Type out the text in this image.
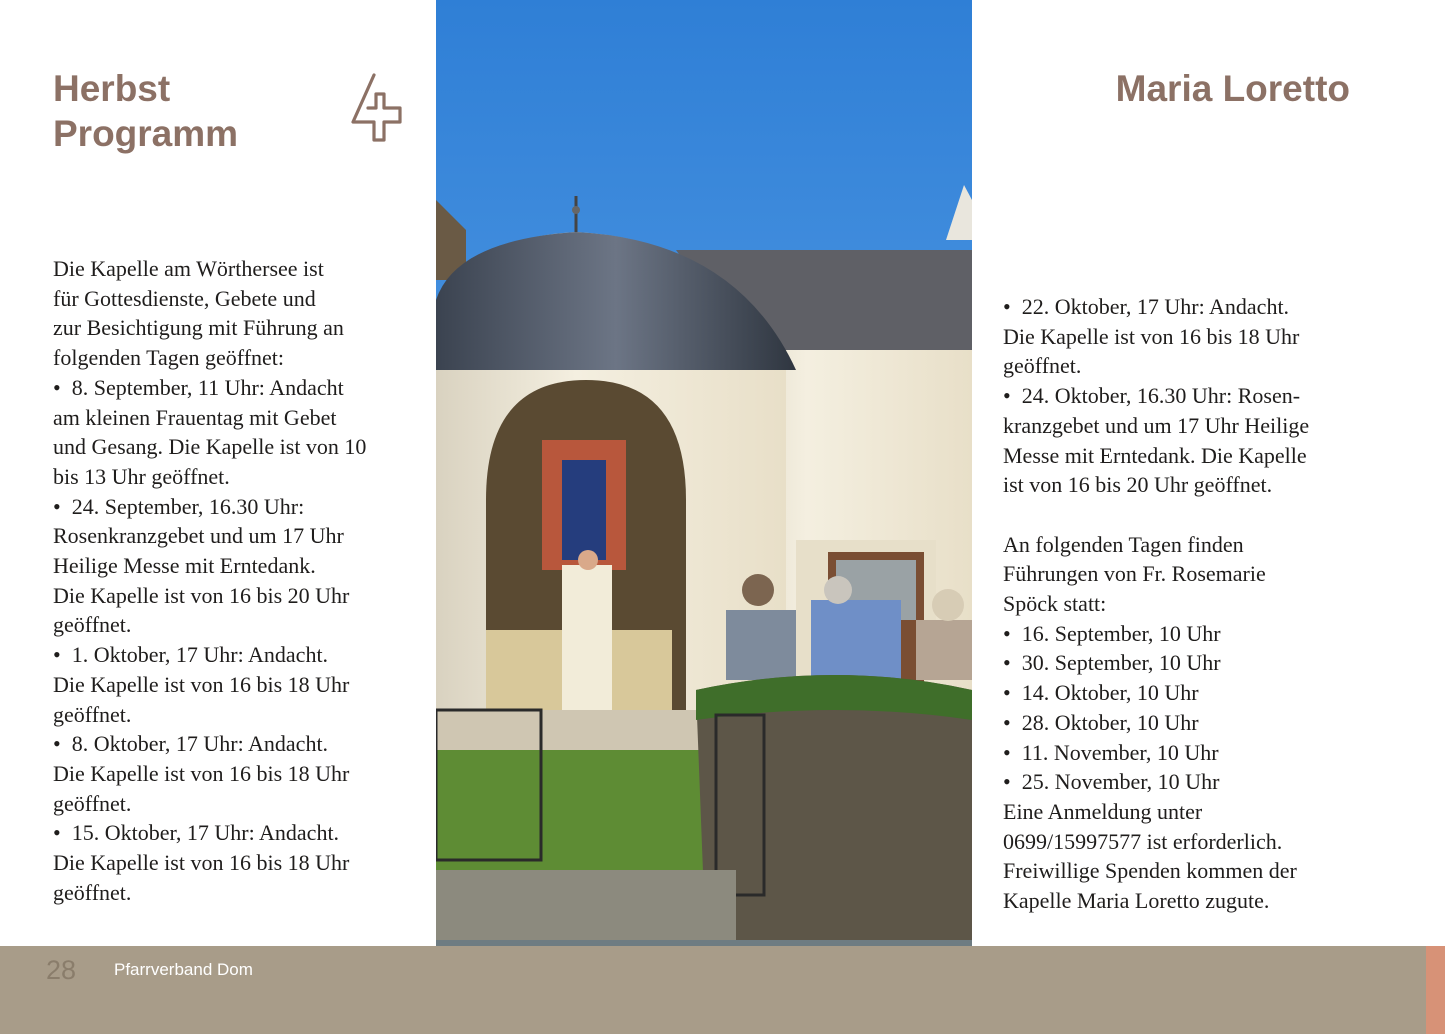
Herbst
Programm
Maria Loretto

Die Kapelle am Wörthersee ist

für Gottesdienste, Gebete und

zur Besichtigung mit Führung an

folgenden Tagen geöffnet:

•  8. September, 11 Uhr: Andacht

am kleinen Frauentag mit Gebet

und Gesang. Die Kapelle ist von 10

bis 13 Uhr geöffnet.

•  24. September, 16.30 Uhr:

Rosenkranzgebet und um 17 Uhr

Heilige Messe mit Erntedank.

Die Kapelle ist von 16 bis 20 Uhr

geöffnet.

•  1. Oktober, 17 Uhr: Andacht.

Die Kapelle ist von 16 bis 18 Uhr

geöffnet.

•  8. Oktober, 17 Uhr: Andacht.

Die Kapelle ist von 16 bis 18 Uhr

geöffnet.

•  15. Oktober, 17 Uhr: Andacht.

Die Kapelle ist von 16 bis 18 Uhr

geöffnet.

•  22. Oktober, 17 Uhr: Andacht.

Die Kapelle ist von 16 bis 18 Uhr

geöffnet.

•  24. Oktober, 16.30 Uhr: Rosen-

kranzgebet und um 17 Uhr Heilige

Messe mit Erntedank. Die Kapelle

ist von 16 bis 20 Uhr geöffnet.

An folgenden Tagen finden

Führungen von Fr. Rosemarie

Spöck statt:

•  16. September, 10 Uhr

•  30. September, 10 Uhr

•  14. Oktober, 10 Uhr

•  28. Oktober, 10 Uhr

•  11. November, 10 Uhr

•  25. November, 10 Uhr

Eine Anmeldung unter

0699/15997577 ist erforderlich.

Freiwillige Spenden kommen der

Kapelle Maria Loretto zugute.

28 Pfarrverband Dom
